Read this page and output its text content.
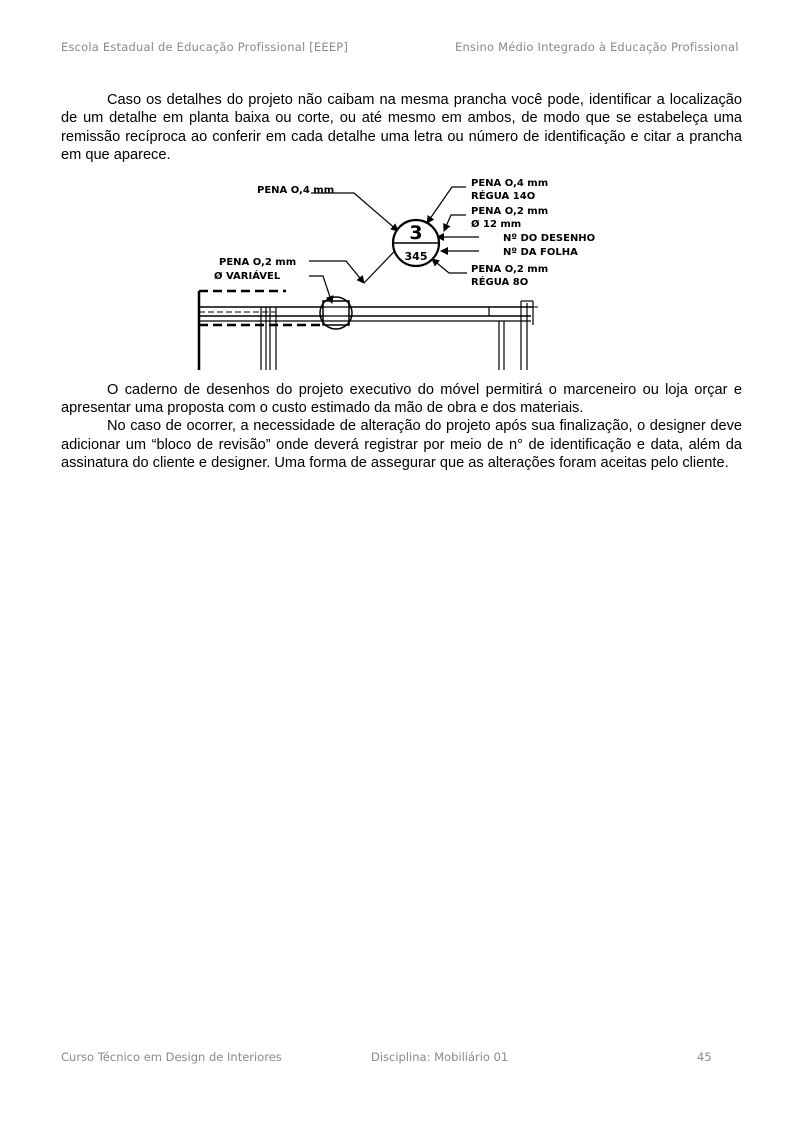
Escola Estadual de Educação Profissional [EEEP]	Ensino Médio Integrado à Educação Profissional

Caso os detalhes do projeto não caibam na mesma prancha você pode, identificar a localização de um detalhe em planta baixa ou corte, ou até mesmo em ambos, de modo que se estabeleça uma remissão recíproca ao conferir em cada detalhe uma letra ou número de identificação e citar a prancha em que aparece.

3
345
PENA O,4 mm
PENA O,2 mm
Ø VARIÁVEL
PENA O,4 mm
RÉGUA 14O
PENA O,2 mm
Ø 12 mm
Nº DO DESENHO
Nº DA FOLHA
PENA O,2 mm
RÉGUA 8O

O caderno de desenhos do projeto executivo do móvel permitirá o marceneiro ou loja orçar e apresentar uma proposta com o custo estimado da mão de obra e dos materiais.

No caso de ocorrer, a necessidade de alteração do projeto após sua finalização, o designer deve adicionar um “bloco de revisão” onde deverá registrar por meio de n° de identificação e data, além da assinatura do cliente e designer. Uma forma de assegurar que as alterações foram aceitas pelo cliente.

Curso Técnico em Design de Interiores	Disciplina: Mobiliário 01	45
